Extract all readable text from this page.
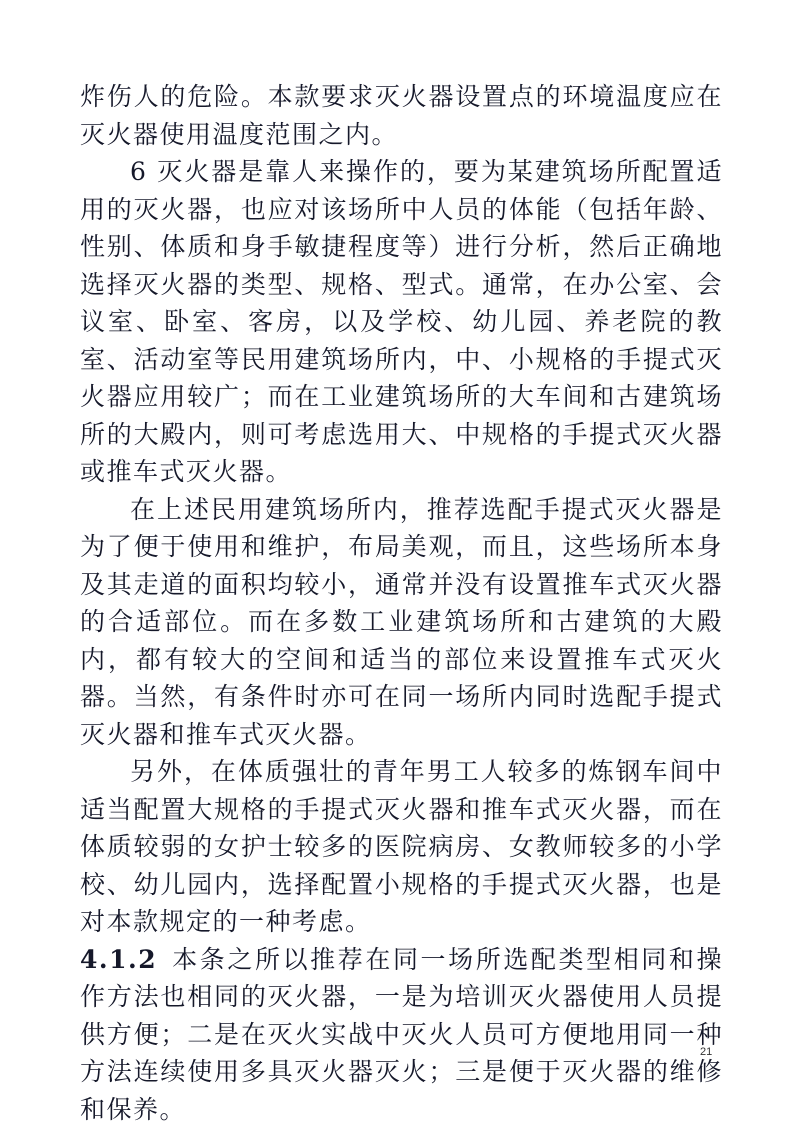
炸伤人的危险。本款要求灭火器设置点的环境温度应在灭火器使用温度范围之内。

6 灭火器是靠人来操作的，要为某建筑场所配置适用的灭火器，也应对该场所中人员的体能（包括年龄、性别、体质和身手敏捷程度等）进行分析，然后正确地选择灭火器的类型、规格、型式。通常，在办公室、会议室、卧室、客房，以及学校、幼儿园、养老院的教室、活动室等民用建筑场所内，中、小规格的手提式灭火器应用较广；而在工业建筑场所的大车间和古建筑场所的大殿内，则可考虑选用大、中规格的手提式灭火器或推车式灭火器。

在上述民用建筑场所内，推荐选配手提式灭火器是为了便于使用和维护，布局美观，而且，这些场所本身及其走道的面积均较小，通常并没有设置推车式灭火器的合适部位。而在多数工业建筑场所和古建筑的大殿内，都有较大的空间和适当的部位来设置推车式灭火器。当然，有条件时亦可在同一场所内同时选配手提式灭火器和推车式灭火器。

另外，在体质强壮的青年男工人较多的炼钢车间中适当配置大规格的手提式灭火器和推车式灭火器，而在体质较弱的女护士较多的医院病房、女教师较多的小学校、幼儿园内，选择配置小规格的手提式灭火器，也是对本款规定的一种考虑。

4.1.2 本条之所以推荐在同一场所选配类型相同和操作方法也相同的灭火器，一是为培训灭火器使用人员提供方便；二是在灭火实战中灭火人员可方便地用同一种方法连续使用多具灭火器灭火；三是便于灭火器的维修和保养。

21
